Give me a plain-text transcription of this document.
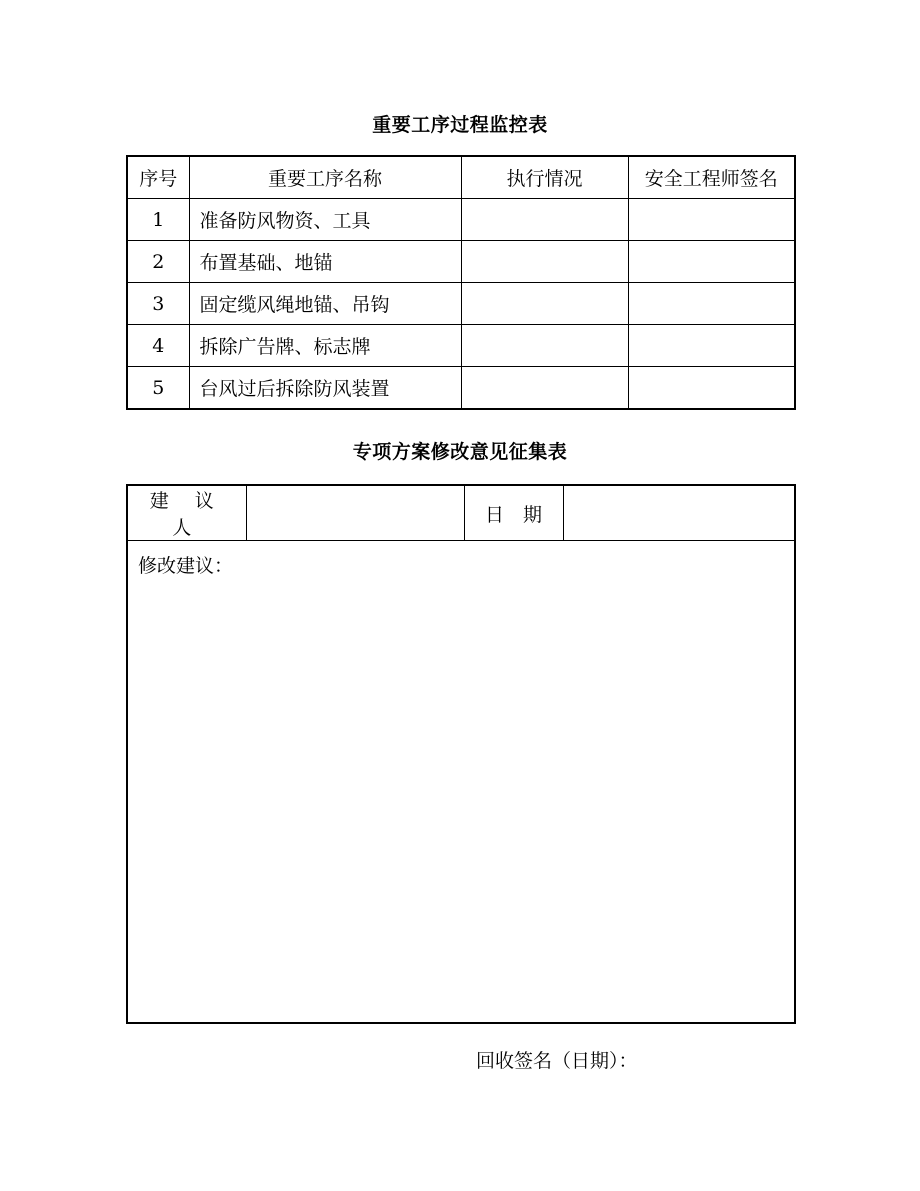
重要工序过程监控表
序号	重要工序名称	执行情况	安全工程师签名
1	准备防风物资、工具		
2	布置基础、地锚		
3	固定缆风绳地锚、吊钩		
4	拆除广告牌、标志牌		
5	台风过后拆除防风装置		
专项方案修改意见征集表
建 议 人		日　期	
修改建议：
回收签名（日期）：
